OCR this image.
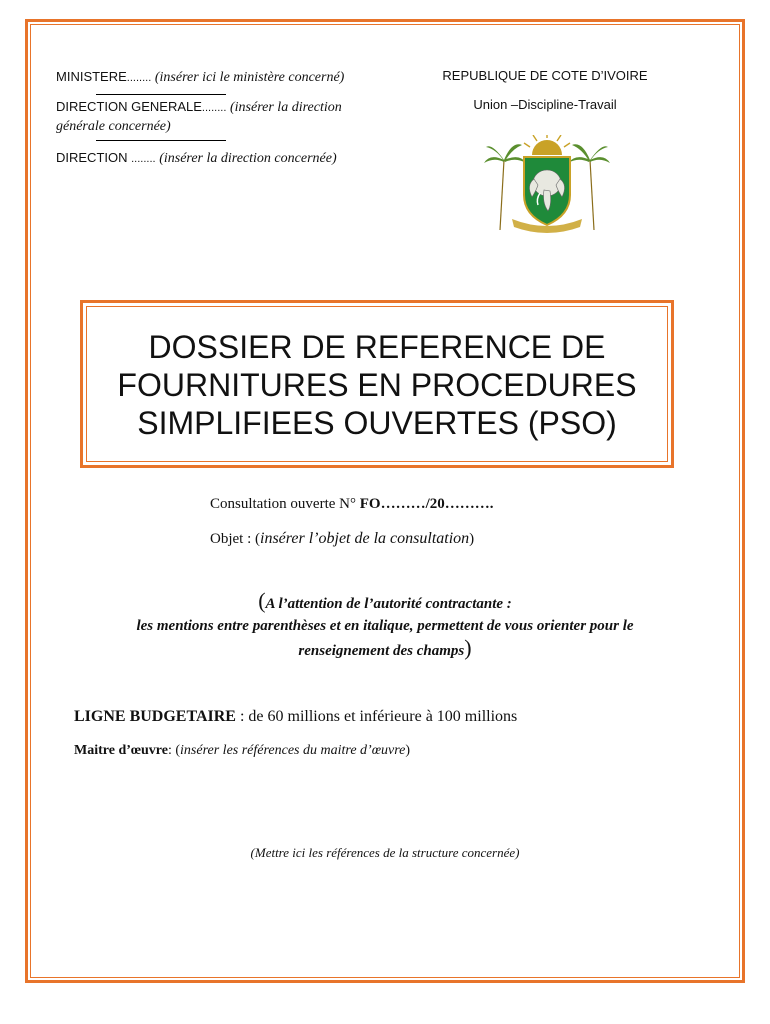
MINISTERE........ (insérer ici le ministère concerné)
DIRECTION GENERALE........ (insérer la direction
générale concernée)
DIRECTION ........ (insérer la direction concernée)
REPUBLIQUE DE COTE D’IVOIRE
Union –Discipline-Travail
DOSSIER DE REFERENCE DE
FOURNITURES EN PROCEDURES
SIMPLIFIEES OUVERTES (PSO)
Consultation ouverte N° FO………/20……….
Objet : (insérer l’objet de la consultation)
(A l’attention de l’autorité contractante :
les mentions entre parenthèses et en italique, permettent de vous orienter pour le
renseignement des champs)
LIGNE BUDGETAIRE : de 60 millions et inférieure à 100 millions
Maitre d’œuvre: (insérer les références du maitre d’œuvre)
(Mettre ici les références de la structure concernée)
